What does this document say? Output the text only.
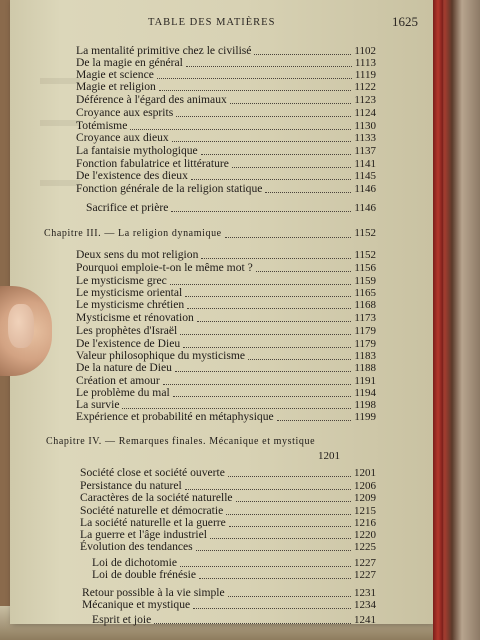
TABLE DES MATIÈRES	1625
La mentalité primitive chez le civilisé	1102
De la magie en général	1113
Magie et science	1119
Magie et religion	1122
Déférence à l'égard des animaux	1123
Croyance aux esprits	1124
Totémisme	1130
Croyance aux dieux	1133
La fantaisie mythologique	1137
Fonction fabulatrice et littérature	1141
De l'existence des dieux	1145
Fonction générale de la religion statique	1146
Sacrifice et prière	1146
Chapitre III. — La religion dynamique	1152
Deux sens du mot religion	1152
Pourquoi emploie-t-on le même mot ?	1156
Le mysticisme grec	1159
Le mysticisme oriental	1165
Le mysticisme chrétien	1168
Mysticisme et rénovation	1173
Les prophètes d'Israël	1179
De l'existence de Dieu	1179
Valeur philosophique du mysticisme	1183
De la nature de Dieu	1188
Création et amour	1191
Le problème du mal	1194
La survie	1198
Expérience et probabilité en métaphysique	1199
Chapitre IV. — Remarques finales. Mécanique et mystique
1201
Société close et société ouverte	1201
Persistance du naturel	1206
Caractères de la société naturelle	1209
Société naturelle et démocratie	1215
La société naturelle et la guerre	1216
La guerre et l'âge industriel	1220
Évolution des tendances	1225
Loi de dichotomie	1227
Loi de double frénésie	1227
Retour possible à la vie simple	1231
Mécanique et mystique	1234
Esprit et joie	1241
